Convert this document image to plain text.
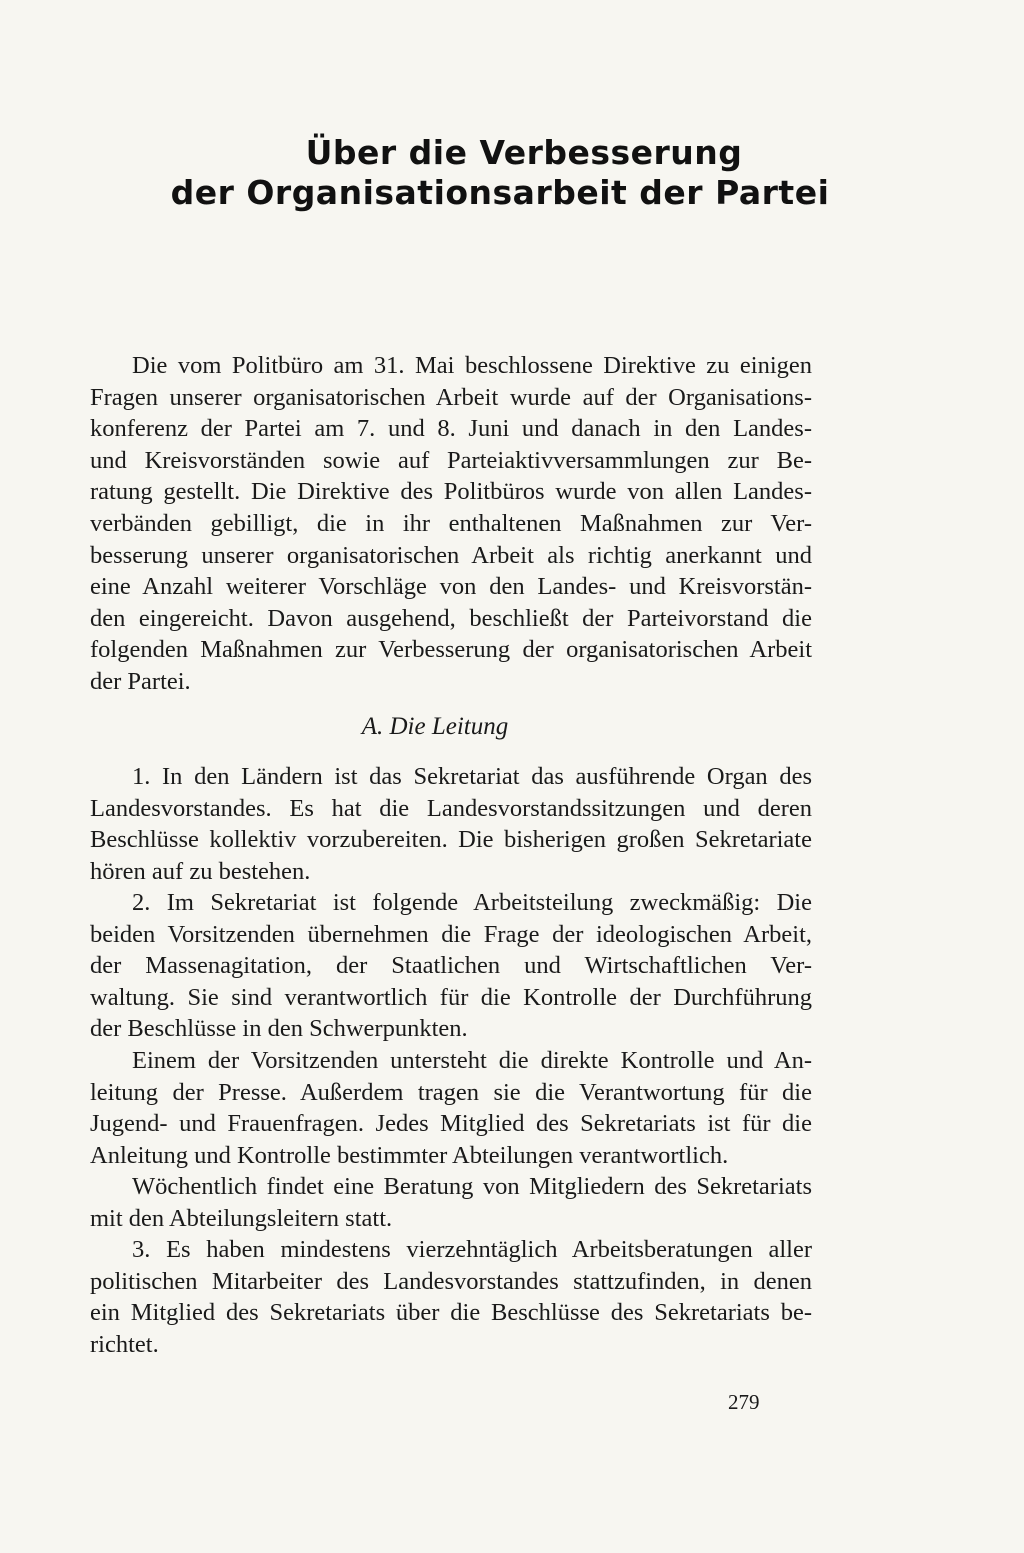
Über die Verbesserung
der Organisationsarbeit der Partei
Die vom Politbüro am 31. Mai beschlossene Direktive zu einigen
Fragen unserer organisatorischen Arbeit wurde auf der Organisations-
konferenz der Partei am 7. und 8. Juni und danach in den Landes-
und Kreisvorständen sowie auf Parteiaktivversammlungen zur Be-
ratung gestellt. Die Direktive des Politbüros wurde von allen Landes-
verbänden gebilligt, die in ihr enthaltenen Maßnahmen zur Ver-
besserung unserer organisatorischen Arbeit als richtig anerkannt und
eine Anzahl weiterer Vorschläge von den Landes- und Kreisvorstän-
den eingereicht. Davon ausgehend, beschließt der Parteivorstand die
folgenden Maßnahmen zur Verbesserung der organisatorischen Arbeit
der Partei.
A. Die Leitung
1. In den Ländern ist das Sekretariat das ausführende Organ des
Landesvorstandes. Es hat die Landesvorstandssitzungen und deren
Beschlüsse kollektiv vorzubereiten. Die bisherigen großen Sekretariate
hören auf zu bestehen.
2. Im Sekretariat ist folgende Arbeitsteilung zweckmäßig: Die
beiden Vorsitzenden übernehmen die Frage der ideologischen Arbeit,
der Massenagitation, der Staatlichen und Wirtschaftlichen Ver-
waltung. Sie sind verantwortlich für die Kontrolle der Durchführung
der Beschlüsse in den Schwerpunkten.
Einem der Vorsitzenden untersteht die direkte Kontrolle und An-
leitung der Presse. Außerdem tragen sie die Verantwortung für die
Jugend- und Frauenfragen. Jedes Mitglied des Sekretariats ist für die
Anleitung und Kontrolle bestimmter Abteilungen verantwortlich.
Wöchentlich findet eine Beratung von Mitgliedern des Sekretariats
mit den Abteilungsleitern statt.
3. Es haben mindestens vierzehntäglich Arbeitsberatungen aller
politischen Mitarbeiter des Landesvorstandes stattzufinden, in denen
ein Mitglied des Sekretariats über die Beschlüsse des Sekretariats be-
richtet.
279
